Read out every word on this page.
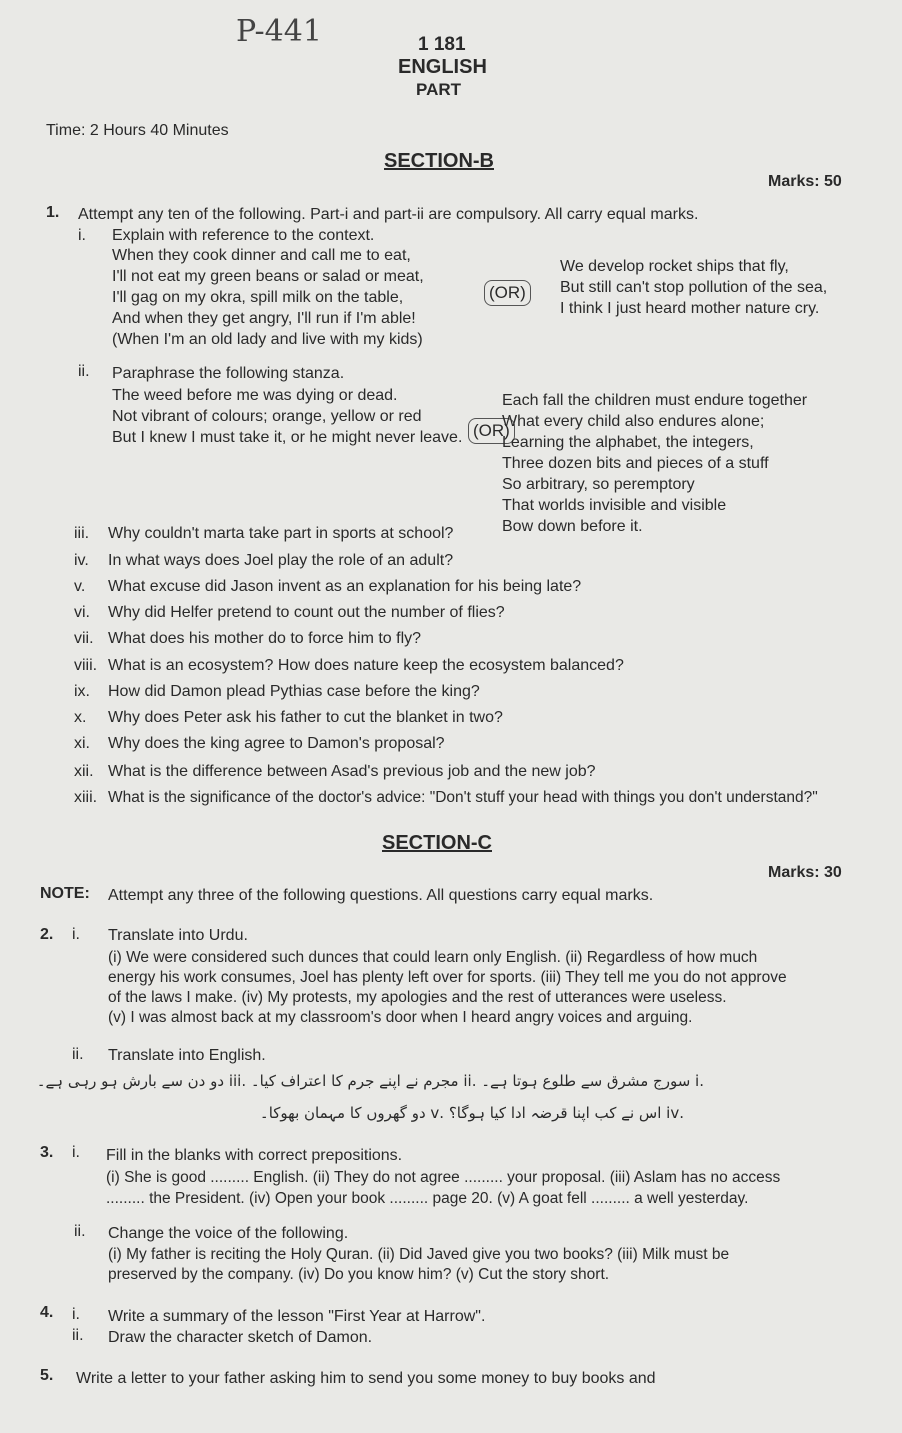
P-441	1 181
ENGLISH
PART
Time: 2 Hours 40 Minutes
SECTION-B
Marks: 50
1. Attempt any ten of the following. Part-i and part-ii are compulsory. All carry equal marks.
i. Explain with reference to the context.
When they cook dinner and call me to eat,
I'll not eat my green beans or salad or meat,
I'll gag on my okra, spill milk on the table,
And when they get angry, I'll run if I'm able!
(When I'm an old lady and live with my kids)
(OR)
We develop rocket ships that fly,
But still can't stop pollution of the sea,
I think I just heard mother nature cry.
ii. Paraphrase the following stanza.
The weed before me was dying or dead.
Not vibrant of colours; orange, yellow or red
But I knew I must take it, or he might never leave. (OR)
Each fall the children must endure together
What every child also endures alone;
Learning the alphabet, the integers,
Three dozen bits and pieces of a stuff
So arbitrary, so peremptory
That worlds invisible and visible
Bow down before it.
iii. Why couldn't marta take part in sports at school?
iv. In what ways does Joel play the role of an adult?
v. What excuse did Jason invent as an explanation for his being late?
vi. Why did Helfer pretend to count out the number of flies?
vii. What does his mother do to force him to fly?
viii. What is an ecosystem? How does nature keep the ecosystem balanced?
ix. How did Damon plead Pythias case before the king?
x. Why does Peter ask his father to cut the blanket in two?
xi. Why does the king agree to Damon's proposal?
xii. What is the difference between Asad's previous job and the new job?
xiii. What is the significance of the doctor's advice: "Don't stuff your head with things you don't understand?"
SECTION-C
Marks: 30
NOTE: Attempt any three of the following questions. All questions carry equal marks.
2. i. Translate into Urdu.
(i) We were considered such dunces that could learn only English. (ii) Regardless of how much
energy his work consumes, Joel has plenty left over for sports. (iii) They tell me you do not approve
of the laws I make. (iv) My protests, my apologies and the rest of utterances were useless.
(v) I was almost back at my classroom's door when I heard angry voices and arguing.
ii. Translate into English.
.i سورج مشرق سے طلوع ہوتا ہے۔ .ii مجرم نے اپنے جرم کا اعتراف کیا۔ .iii دو دن سے بارش ہو رہی ہے۔
.iv اس نے کب اپنا قرضہ ادا کیا ہوگا؟ .v دو گھروں کا مہمان بھوکا۔
3. i. Fill in the blanks with correct prepositions.
(i) She is good ......... English. (ii) They do not agree ......... your proposal. (iii) Aslam has no access
......... the President. (iv) Open your book ......... page 20. (v) A goat fell ......... a well yesterday.
ii. Change the voice of the following.
(i) My father is reciting the Holy Quran. (ii) Did Javed give you two books? (iii) Milk must be
preserved by the company. (iv) Do you know him? (v) Cut the story short.
4. i. Write a summary of the lesson "First Year at Harrow".
ii. Draw the character sketch of Damon.
5. Write a letter to your father asking him to send you some money to buy books and
